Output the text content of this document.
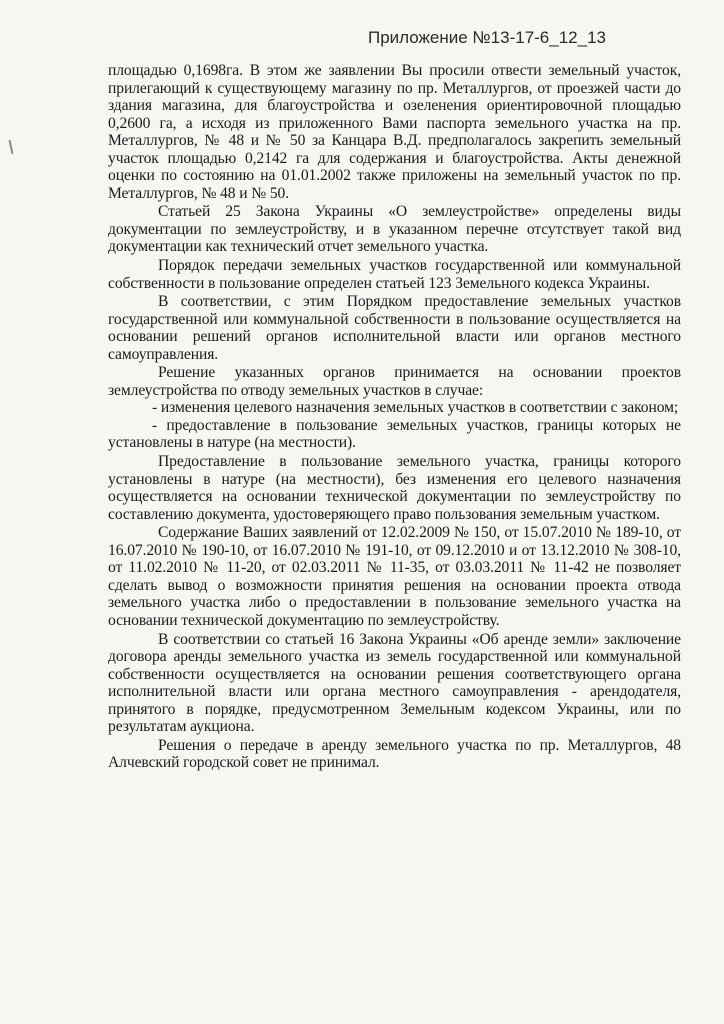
Приложение №13-17-6_12_13

площадью 0,1698га. В этом же заявлении Вы просили отвести земельный участок, прилегающий к существующему магазину по пр. Металлургов, от проезжей части до здания магазина, для благоустройства и озеленения ориентировочной площадью 0,2600 га, а исходя из приложенного Вами паспорта земельного участка на пр. Металлургов, № 48 и № 50 за Канцара В.Д. предполагалось закрепить земельный участок площадью 0,2142 га для содержания и благоустройства. Акты денежной оценки по состоянию на 01.01.2002 также приложены на земельный участок по пр. Металлургов, № 48 и № 50.

Статьей 25 Закона Украины «О землеустройстве» определены виды документации по землеустройству, и в указанном перечне отсутствует такой вид документации как технический отчет земельного участка.

Порядок передачи земельных участков государственной или коммунальной собственности в пользование определен статьей 123 Земельного кодекса Украины.

В соответствии, с этим Порядком предоставление земельных участков государственной или коммунальной собственности в пользование осуществляется на основании решений органов исполнительной власти или органов местного самоуправления.

Решение указанных органов принимается на основании проектов землеустройства по отводу земельных участков в случае:

- изменения целевого назначения земельных участков в соответствии с законом;

- предоставление в пользование земельных участков, границы которых не установлены в натуре (на местности).

Предоставление в пользование земельного участка, границы которого установлены в натуре (на местности), без изменения его целевого назначения осуществляется на основании технической документации по землеустройству по составлению документа, удостоверяющего право пользования земельным участком.

Содержание Ваших заявлений от 12.02.2009 № 150, от 15.07.2010 № 189-10, от 16.07.2010 № 190-10, от 16.07.2010 № 191-10, от 09.12.2010 и от 13.12.2010 № 308-10, от 11.02.2010 № 11-20, от 02.03.2011 № 11-35, от 03.03.2011 № 11-42 не позволяет сделать вывод о возможности принятия решения на основании проекта отвода земельного участка либо о предоставлении в пользование земельного участка на основании технической документацию по землеустройству.

В соответствии со статьей 16 Закона Украины «Об аренде земли» заключение договора аренды земельного участка из земель государственной или коммунальной собственности осуществляется на основании решения соответствующего органа исполнительной власти или органа местного самоуправления - арендодателя, принятого в порядке, предусмотренном Земельным кодексом Украины, или по результатам аукциона.

Решения о передаче в аренду земельного участка по пр. Металлургов, 48 Алчевский городской совет не принимал.
